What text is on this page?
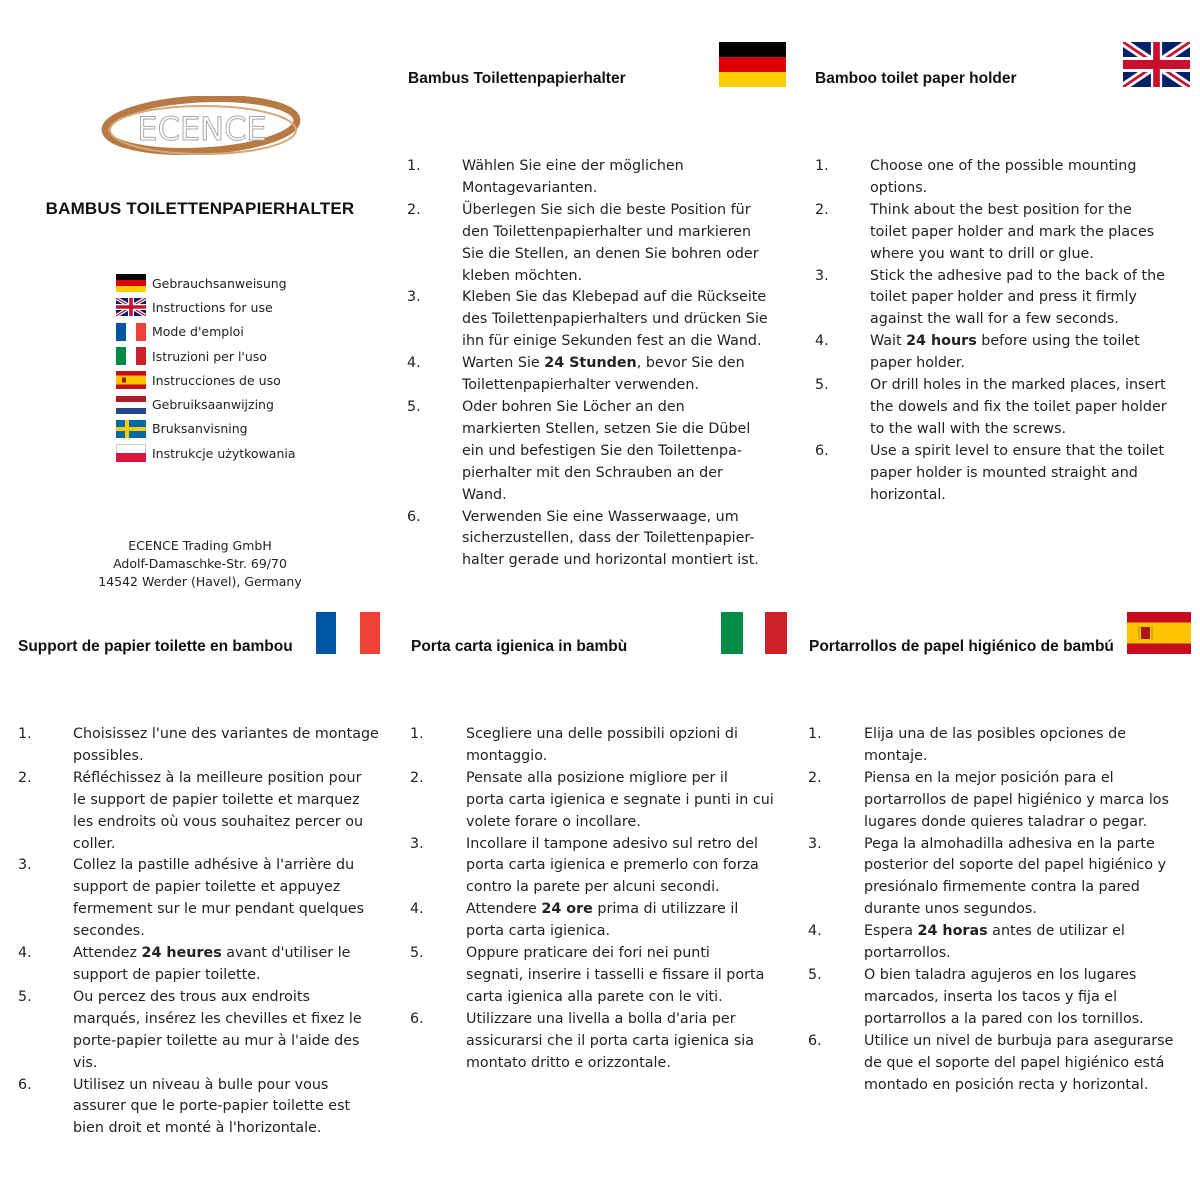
ECENCE
BAMBUS TOILETTENPAPIERHALTER
Gebrauchsanweisung
Instructions for use
Mode d'emploi
Istruzioni per l'uso
Instrucciones de uso
Gebruiksaanwijzing
Bruksanvisning
Instrukcje użytkowania
ECENCE Trading GmbH
Adolf-Damaschke-Str. 69/70
14542 Werder (Havel), Germany
Bambus Toilettenpapierhalter
1.	Wählen Sie eine der möglichen
Montagevarianten.
2.	Überlegen Sie sich die beste Position für
den Toilettenpapierhalter und markieren
Sie die Stellen, an denen Sie bohren oder
kleben möchten.
3.	Kleben Sie das Klebepad auf die Rückseite
des Toilettenpapierhalters und drücken Sie
ihn für einige Sekunden fest an die Wand.
4.	Warten Sie 24 Stunden, bevor Sie den
Toilettenpapierhalter verwenden.
5.	Oder bohren Sie Löcher an den
markierten Stellen, setzen Sie die Dübel
ein und befestigen Sie den Toilettenpa-
pierhalter mit den Schrauben an der
Wand.
6.	Verwenden Sie eine Wasserwaage, um
sicherzustellen, dass der Toilettenpapier-
halter gerade und horizontal montiert ist.
Bamboo toilet paper holder
1.	Choose one of the possible mounting
options.
2.	Think about the best position for the
toilet paper holder and mark the places
where you want to drill or glue.
3.	Stick the adhesive pad to the back of the
toilet paper holder and press it firmly
against the wall for a few seconds.
4.	Wait 24 hours before using the toilet
paper holder.
5.	Or drill holes in the marked places, insert
the dowels and fix the toilet paper holder
to the wall with the screws.
6.	Use a spirit level to ensure that the toilet
paper holder is mounted straight and
horizontal.
Support de papier toilette en bambou
1.	Choisissez l'une des variantes de montage
possibles.
2.	Réfléchissez à la meilleure position pour
le support de papier toilette et marquez
les endroits où vous souhaitez percer ou
coller.
3.	Collez la pastille adhésive à l'arrière du
support de papier toilette et appuyez
fermement sur le mur pendant quelques
secondes.
4.	Attendez 24 heures avant d'utiliser le
support de papier toilette.
5.	Ou percez des trous aux endroits
marqués, insérez les chevilles et fixez le
porte-papier toilette au mur à l'aide des
vis.
6.	Utilisez un niveau à bulle pour vous
assurer que le porte-papier toilette est
bien droit et monté à l'horizontale.
Porta carta igienica in bambù
1.	Scegliere una delle possibili opzioni di
montaggio.
2.	Pensate alla posizione migliore per il
porta carta igienica e segnate i punti in cui
volete forare o incollare.
3.	Incollare il tampone adesivo sul retro del
porta carta igienica e premerlo con forza
contro la parete per alcuni secondi.
4.	Attendere 24 ore prima di utilizzare il
porta carta igienica.
5.	Oppure praticare dei fori nei punti
segnati, inserire i tasselli e fissare il porta
carta igienica alla parete con le viti.
6.	Utilizzare una livella a bolla d'aria per
assicurarsi che il porta carta igienica sia
montato dritto e orizzontale.
Portarrollos de papel higiénico de bambú
1.	Elija una de las posibles opciones de
montaje.
2.	Piensa en la mejor posición para el
portarrollos de papel higiénico y marca los
lugares donde quieres taladrar o pegar.
3.	Pega la almohadilla adhesiva en la parte
posterior del soporte del papel higiénico y
presiónalo firmemente contra la pared
durante unos segundos.
4.	Espera 24 horas antes de utilizar el
portarrollos.
5.	O bien taladra agujeros en los lugares
marcados, inserta los tacos y fija el
portarrollos a la pared con los tornillos.
6.	Utilice un nivel de burbuja para asegurarse
de que el soporte del papel higiénico está
montado en posición recta y horizontal.
